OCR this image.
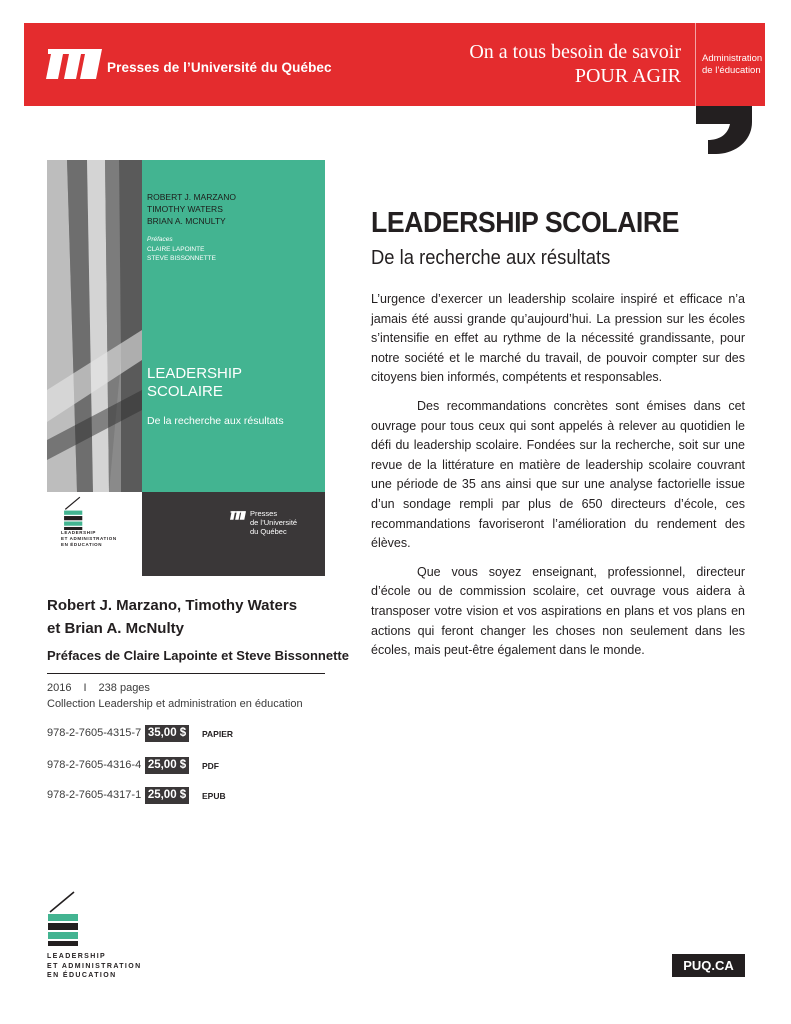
Presses de l’Université du Québec
On a tous besoin de savoir
POUR AGIR
Administration
de l’éducation
ROBERT J. MARZANO
TIMOTHY WATERS
BRIAN A. MCNULTY
Préfaces
CLAIRE LAPOINTE
STEVE BISSONNETTE
LEADERSHIP
SCOLAIRE
De la recherche aux résultats
Presses
de l’Université
du Québec
LEADERSHIP
ET ADMINISTRATION
EN ÉDUCATION
Robert J. Marzano, Timothy Waters
et Brian A. McNulty
Préfaces de Claire Lapointe et Steve Bissonnette
2016 I 238 pages
Collection Leadership et administration en éducation
978-2-7605-4315-7 35,00 $	PAPIER
978-2-7605-4316-4 25,00 $	PDF
978-2-7605-4317-1 25,00 $	EPUB
LEADERSHIP SCOLAIRE
De la recherche aux résultats

L’urgence d’exercer un leadership scolaire inspiré et efficace n’a jamais été aussi grande qu’aujourd’hui. La pression sur les écoles s’intensifie en effet au rythme de la nécessité grandissante, pour notre société et le marché du travail, de pouvoir compter sur des citoyens bien informés, compétents et responsables.

Des recommandations concrètes sont émises dans cet ouvrage pour tous ceux qui sont appelés à relever au quotidien le défi du leadership scolaire. Fondées sur la recherche, soit sur une revue de la littérature en matière de leadership scolaire couvrant une période de 35 ans ainsi que sur une analyse factorielle issue d’un sondage rempli par plus de 650 directeurs d’école, ces recommandations favoriseront l’amélioration du rendement des élèves.

Que vous soyez enseignant, professionnel, directeur d’école ou de commission scolaire, cet ouvrage vous aidera à transposer votre vision et vos aspirations en plans et vos plans en actions qui feront changer les choses non seulement dans les écoles, mais peut-être également dans le monde.

LEADERSHIP
ET ADMINISTRATION
EN ÉDUCATION
PUQ.CA
